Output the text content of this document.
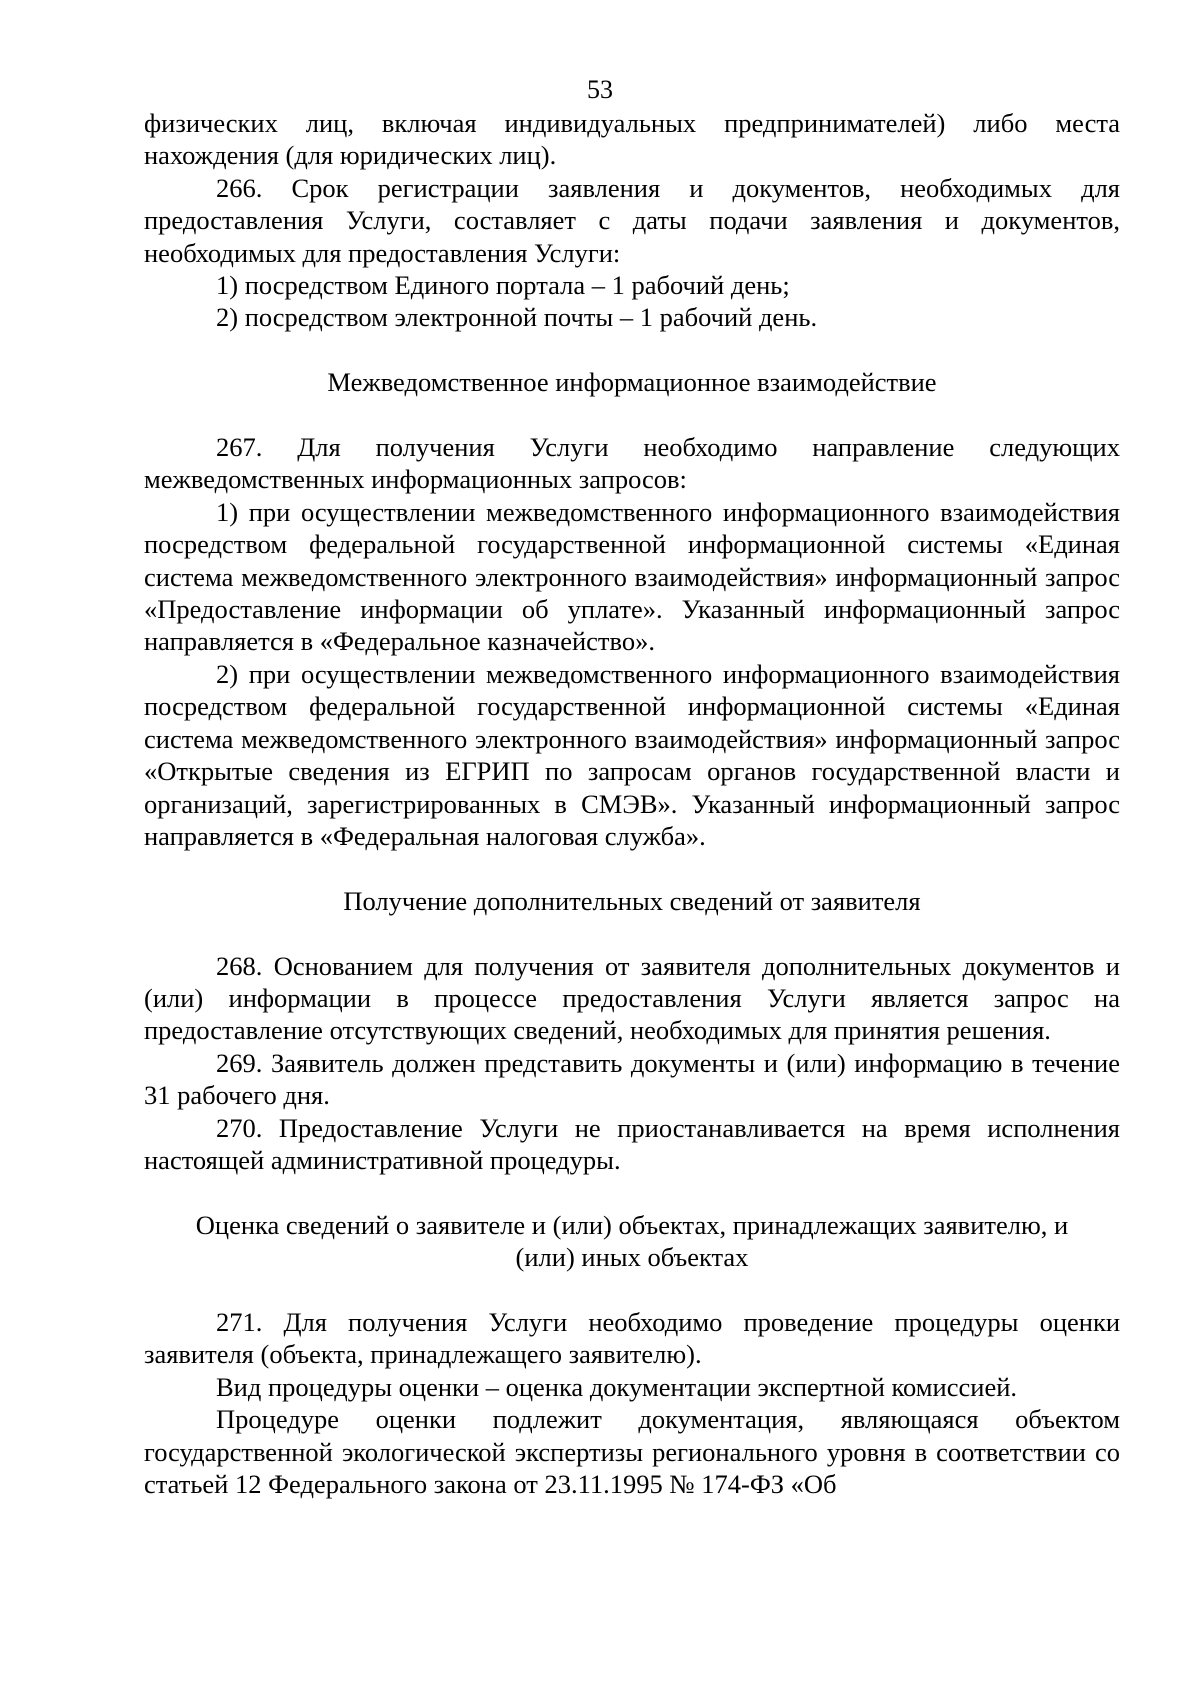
53

физических лиц, включая индивидуальных предпринимателей) либо места нахождения (для юридических лиц).

266. Срок регистрации заявления и документов, необходимых для предоставления Услуги, составляет с даты подачи заявления и документов, необходимых для предоставления Услуги:

1) посредством Единого портала – 1 рабочий день;

2) посредством электронной почты – 1 рабочий день.

Межведомственное информационное взаимодействие

267. Для получения Услуги необходимо направление следующих межведомственных информационных запросов:

1) при осуществлении межведомственного информационного взаимодействия посредством федеральной государственной информационной системы «Единая система межведомственного электронного взаимодействия» информационный запрос «Предоставление информации об уплате». Указанный информационный запрос направляется в «Федеральное казначейство».

2) при осуществлении межведомственного информационного взаимодействия посредством федеральной государственной информационной системы «Единая система межведомственного электронного взаимодействия» информационный запрос «Открытые сведения из ЕГРИП по запросам органов государственной власти и организаций, зарегистрированных в СМЭВ». Указанный информационный запрос направляется в «Федеральная налоговая служба».

Получение дополнительных сведений от заявителя

268. Основанием для получения от заявителя дополнительных документов и (или) информации в процессе предоставления Услуги является запрос на предоставление отсутствующих сведений, необходимых для принятия решения.

269. Заявитель должен представить документы и (или) информацию в течение 31 рабочего дня.

270. Предоставление Услуги не приостанавливается на время исполнения настоящей административной процедуры.

Оценка сведений о заявителе и (или) объектах, принадлежащих заявителю, и

(или) иных объектах

271. Для получения Услуги необходимо проведение процедуры оценки заявителя (объекта, принадлежащего заявителю).

Вид процедуры оценки – оценка документации экспертной комиссией.

Процедуре оценки подлежит документация, являющаяся объектом государственной экологической экспертизы регионального уровня в соответствии со статьей 12 Федерального закона от 23.11.1995 № 174-ФЗ «Об
